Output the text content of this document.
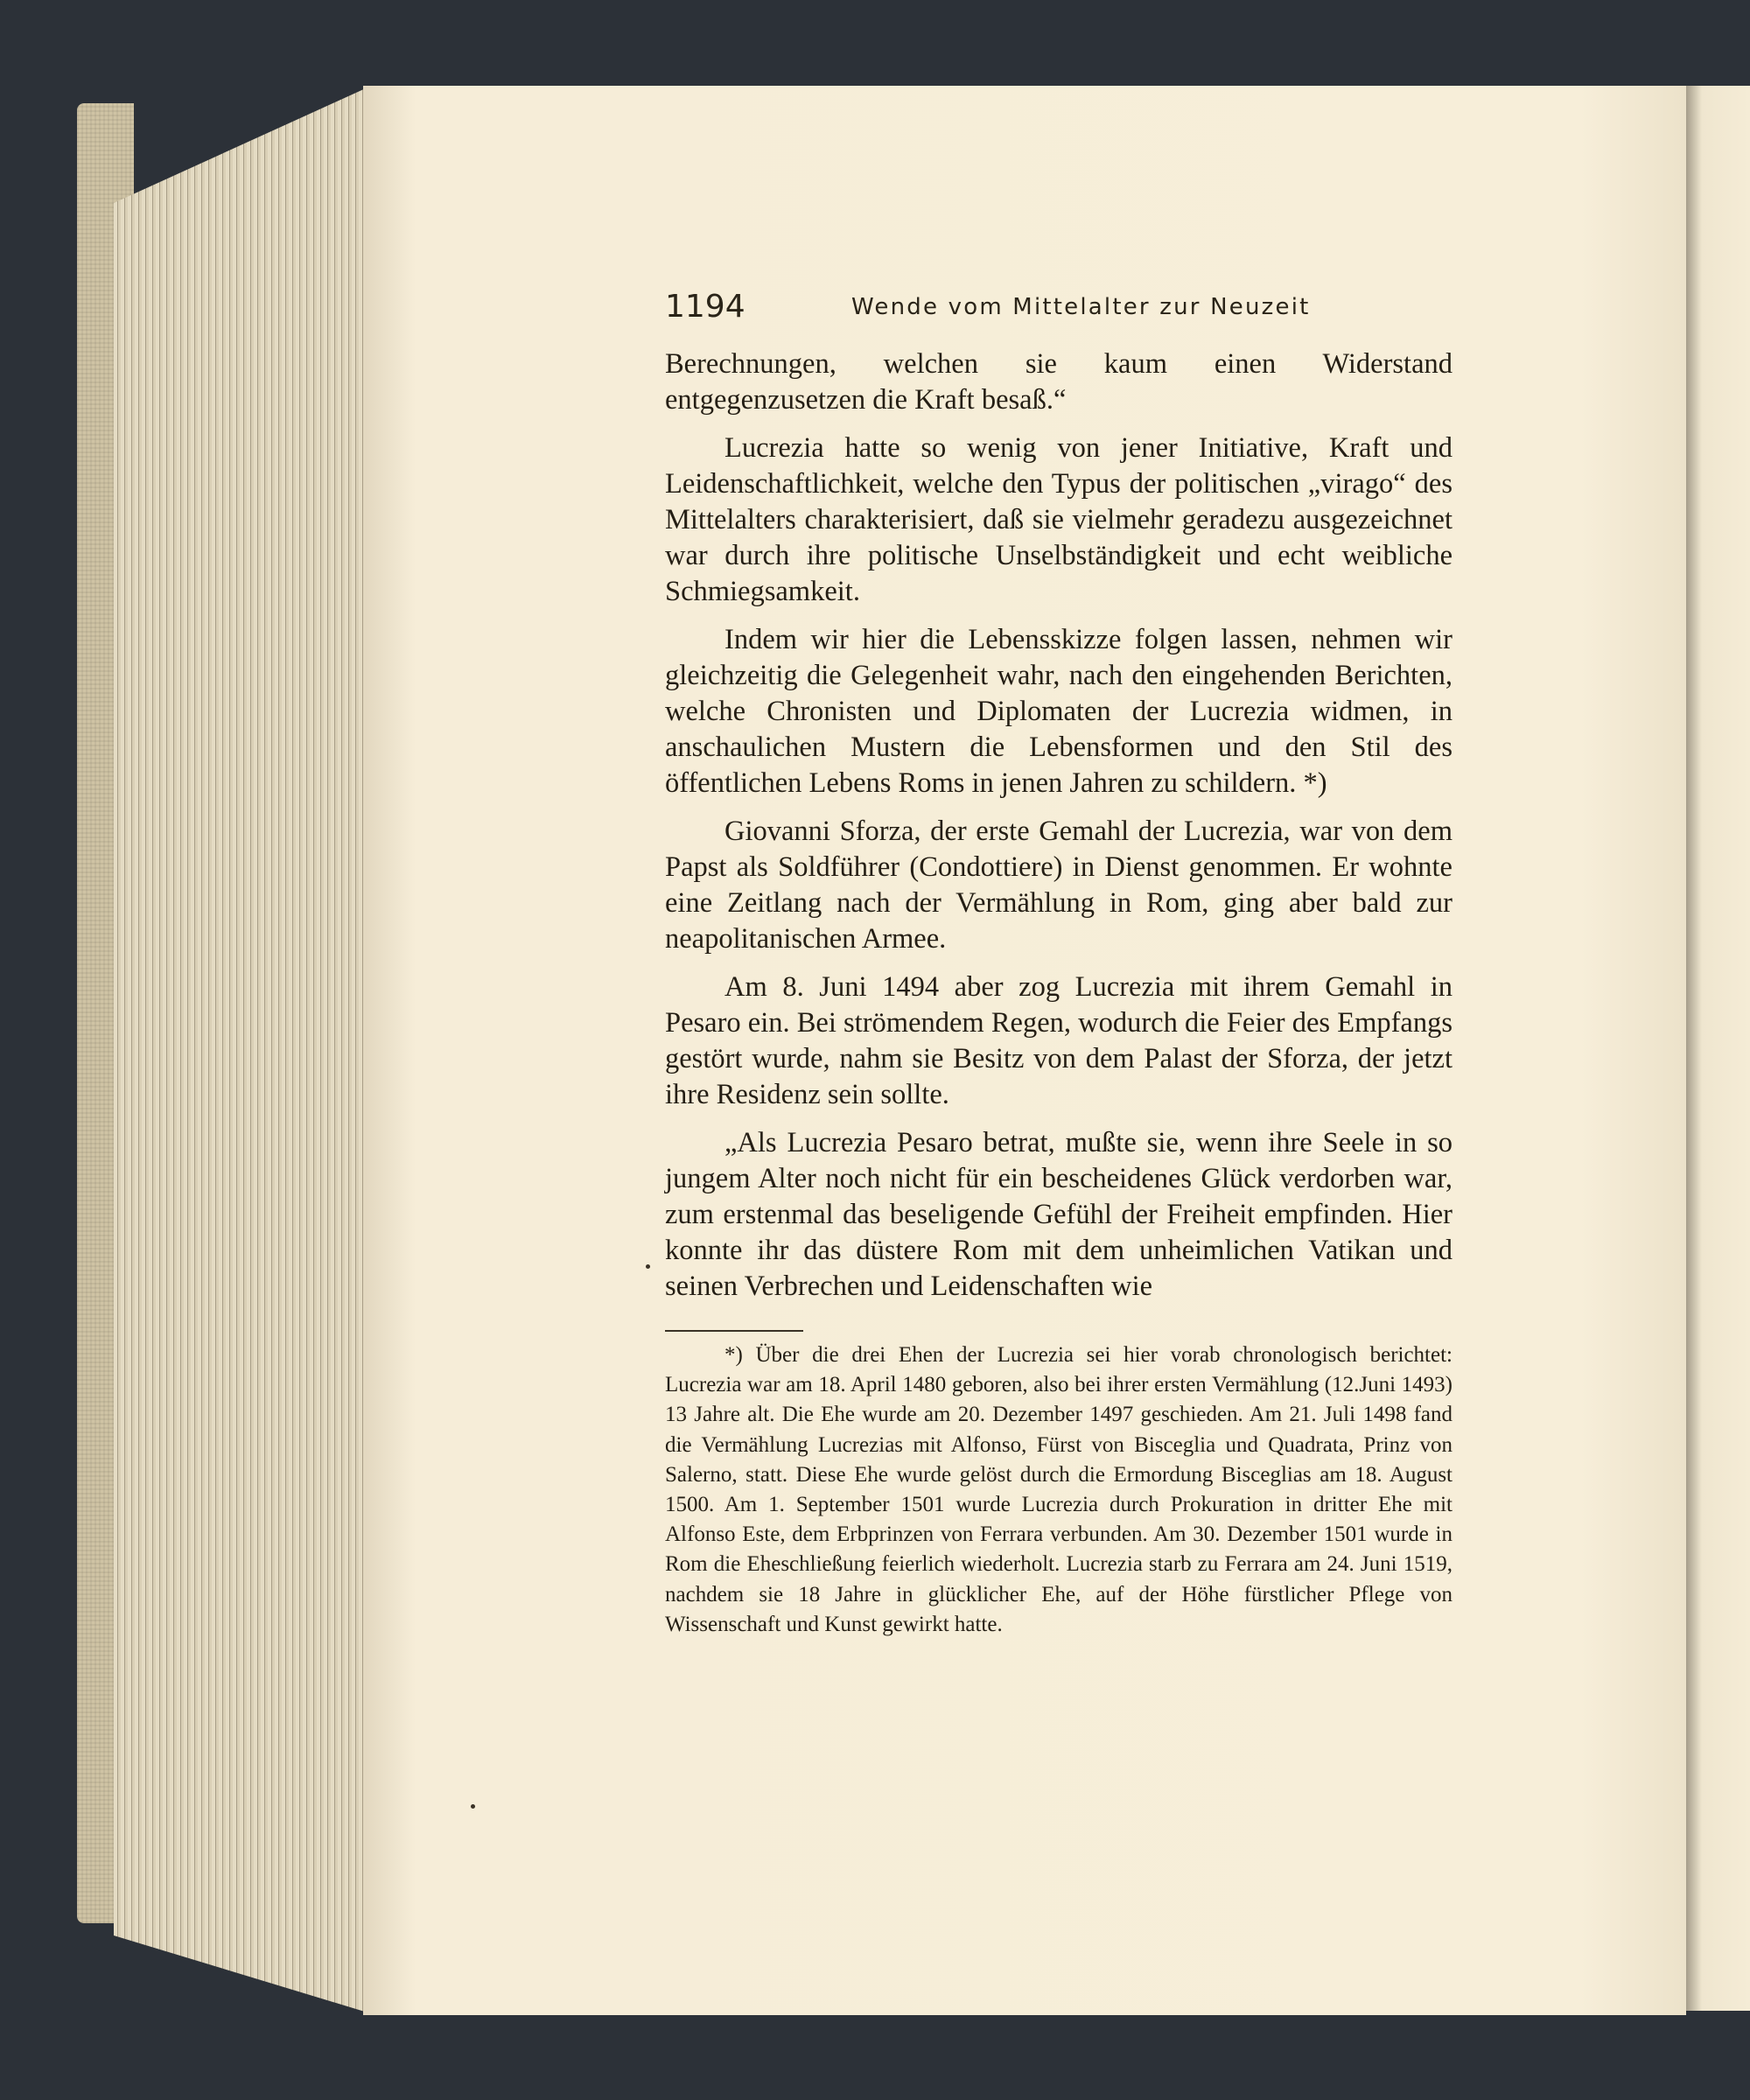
1194	Wende vom Mittelalter zur Neuzeit

Berechnungen, welchen sie kaum einen Widerstand entgegenzusetzen die Kraft besaß.“

Lucrezia hatte so wenig von jener Initiative, Kraft und Leidenschaftlichkeit, welche den Typus der politischen „virago“ des Mittelalters charakterisiert, daß sie vielmehr geradezu ausgezeichnet war durch ihre politische Unselbständigkeit und echt weibliche Schmiegsamkeit.

Indem wir hier die Lebensskizze folgen lassen, nehmen wir gleichzeitig die Gelegenheit wahr, nach den eingehenden Berichten, welche Chronisten und Diplomaten der Lucrezia widmen, in anschaulichen Mustern die Lebensformen und den Stil des öffentlichen Lebens Roms in jenen Jahren zu schildern. *)

Giovanni Sforza, der erste Gemahl der Lucrezia, war von dem Papst als Soldführer (Condottiere) in Dienst genommen. Er wohnte eine Zeitlang nach der Vermählung in Rom, ging aber bald zur neapolitanischen Armee.

Am 8. Juni 1494 aber zog Lucrezia mit ihrem Gemahl in Pesaro ein. Bei strömendem Regen, wodurch die Feier des Empfangs gestört wurde, nahm sie Besitz von dem Palast der Sforza, der jetzt ihre Residenz sein sollte.

„Als Lucrezia Pesaro betrat, mußte sie, wenn ihre Seele in so jungem Alter noch nicht für ein bescheidenes Glück verdorben war, zum erstenmal das beseligende Gefühl der Freiheit empfinden. Hier konnte ihr das düstere Rom mit dem unheimlichen Vatikan und seinen Verbrechen und Leidenschaften wie

*) Über die drei Ehen der Lucrezia sei hier vorab chronologisch berichtet: Lucrezia war am 18. April 1480 geboren, also bei ihrer ersten Vermählung (12.Juni 1493) 13 Jahre alt. Die Ehe wurde am 20. Dezember 1497 geschieden. Am 21. Juli 1498 fand die Vermählung Lucrezias mit Alfonso, Fürst von Bisceglia und Quadrata, Prinz von Salerno, statt. Diese Ehe wurde gelöst durch die Ermordung Bisceglias am 18. August 1500. Am 1. September 1501 wurde Lucrezia durch Prokuration in dritter Ehe mit Alfonso Este, dem Erbprinzen von Ferrara verbunden. Am 30. Dezember 1501 wurde in Rom die Eheschließung feierlich wiederholt. Lucrezia starb zu Ferrara am 24. Juni 1519, nachdem sie 18 Jahre in glücklicher Ehe, auf der Höhe fürstlicher Pflege von Wissenschaft und Kunst gewirkt hatte.
